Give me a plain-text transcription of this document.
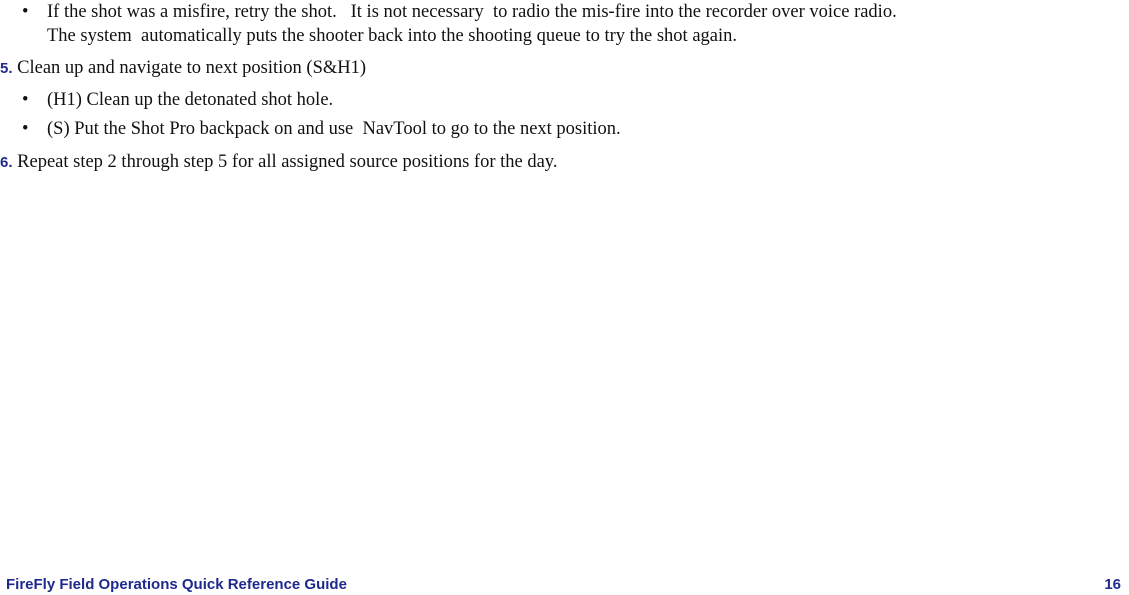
• If the shot was a misfire, retry the shot.   It is not necessary  to radio the mis-fire into the recorder over voice radio.
The system  automatically puts the shooter back into the shooting queue to try the shot again.
5. Clean up and navigate to next position (S&H1)
• (H1) Clean up the detonated shot hole.
• (S) Put the Shot Pro backpack on and use  NavTool to go to the next position.
6. Repeat step 2 through step 5 for all assigned source positions for the day.
FireFly Field Operations Quick Reference Guide	16
